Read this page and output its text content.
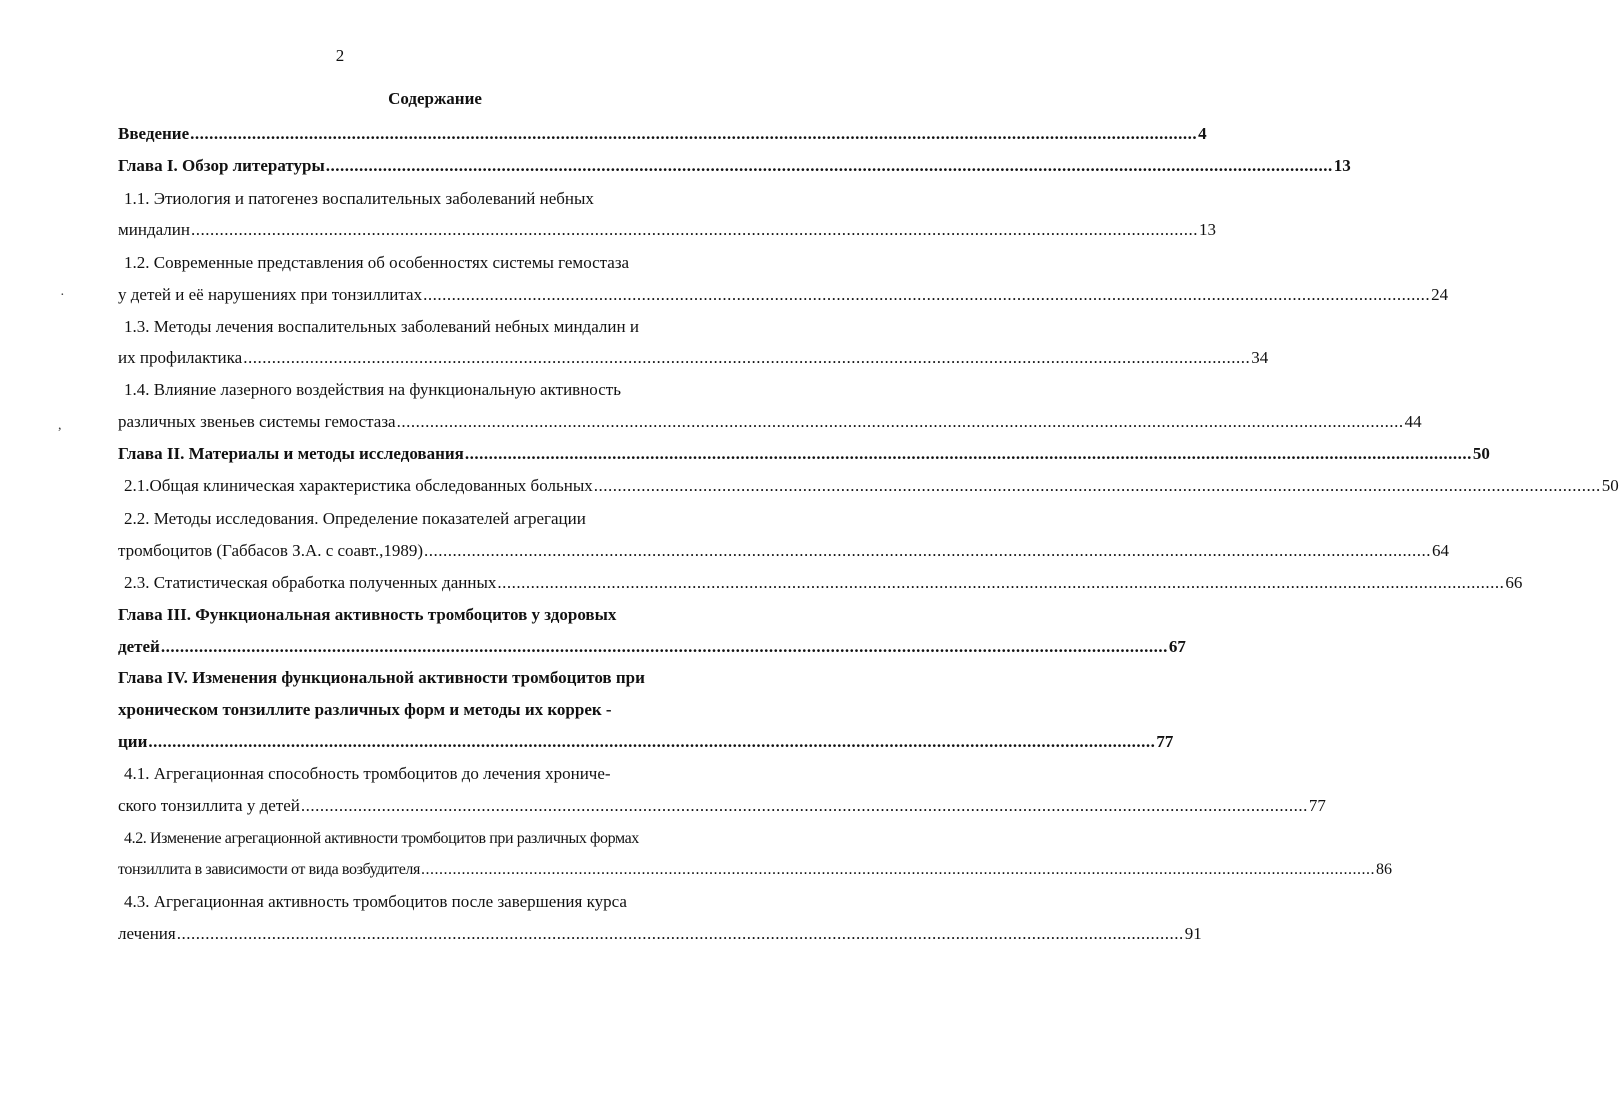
2
Содержание
·
,
Введение .................................................................................................................................................................................................................... 4
Глава I. Обзор литературы .................................................................................................................................................................................................................... 13
1.1. Этиология и патогенез воспалительных заболеваний небных
миндалин .................................................................................................................................................................................................................... 13
1.2. Современные представления об особенностях системы гемостаза
у детей и её нарушениях при тонзиллитах .................................................................................................................................................................................................................... 24
1.3. Методы лечения воспалительных заболеваний небных миндалин и
их профилактика .................................................................................................................................................................................................................... 34
1.4. Влияние лазерного воздействия на функциональную активность
различных звеньев системы гемостаза .................................................................................................................................................................................................................... 44
Глава II. Материалы и методы исследования .................................................................................................................................................................................................................... 50
2.1.Общая клиническая характеристика обследованных больных .................................................................................................................................................................................................................... 50
2.2. Методы исследования. Определение показателей агрегации
тромбоцитов (Габбасов З.А. с соавт.,1989) .................................................................................................................................................................................................................... 64
2.3. Статистическая обработка полученных данных .................................................................................................................................................................................................................... 66
Глава III. Функциональная активность тромбоцитов у здоровых
детей .................................................................................................................................................................................................................... 67
Глава IV. Изменения функциональной активности тромбоцитов при
хроническом тонзиллите различных форм и методы их коррек -
ции .................................................................................................................................................................................................................... 77
4.1. Агрегационная способность тромбоцитов до лечения хрониче-
ского тонзиллита у детей .................................................................................................................................................................................................................... 77
4.2. Изменение агрегационной активности тромбоцитов при различных формах
тонзиллита в зависимости от вида возбудителя .................................................................................................................................................................................................................... 86
4.3. Агрегационная активность тромбоцитов после завершения курса
лечения .................................................................................................................................................................................................................... 91
